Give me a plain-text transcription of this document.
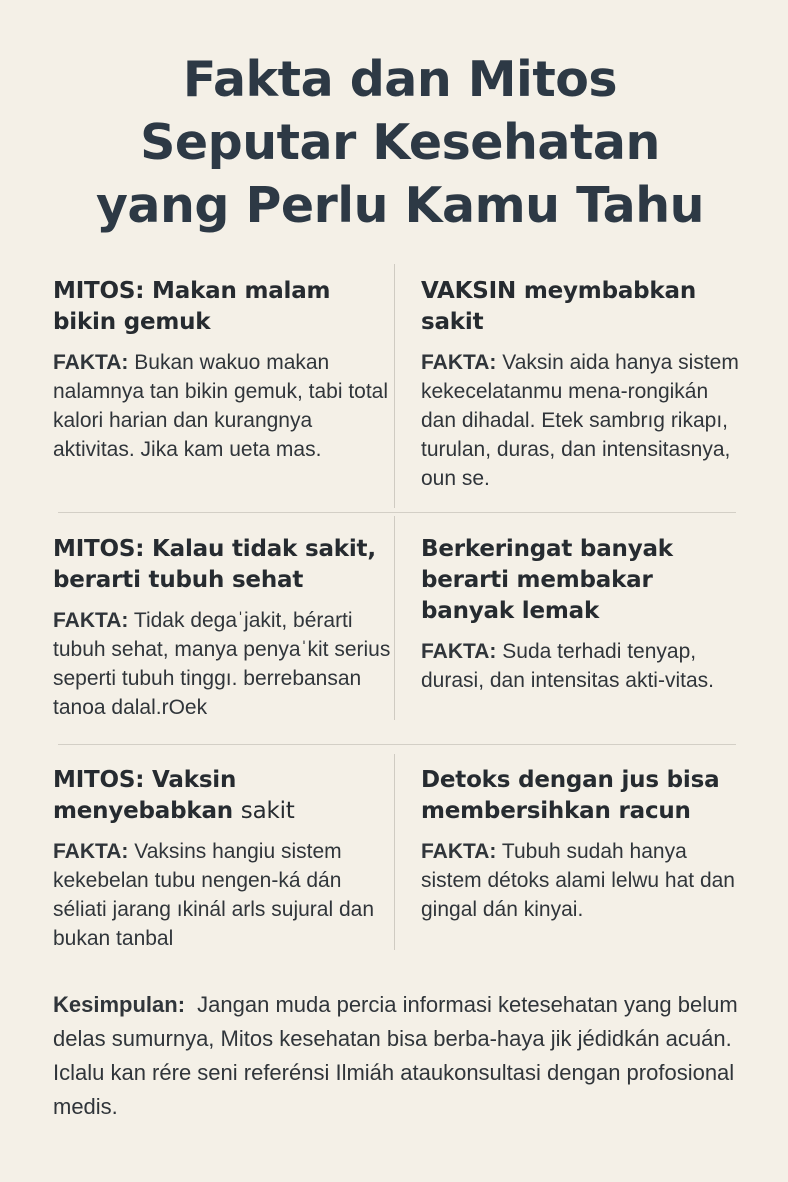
Fakta dan Mitos
Seputar Kesehatan
yang Perlu Kamu Tahu
MITOS: Makan malam bikin gemuk

FAKTA: Bukan wakuo makan nalamnya tan bikin gemuk, tabi total kalori harian dan kurangnya aktivitas. Jika kam ueta mas.

VAKSIN meymbabkan sakit

FAKTA: Vaksin aida hanya sistem kekecelatanmu mena-rongikán dan dihadal. Etek sambrıg rikapı, turulan, duras, dan intensitasnya, oun se.

MITOS: Kalau tidak sakit, berarti tubuh sehat

FAKTA: Tidak degaˈjakit, bérarti tubuh sehat, manya penyaˈkit serius seperti tubuh tinggı. berrebansan tanoa dalal.rOek

Berkeringat banyak berarti membakar banyak lemak

FAKTA: Suda terhadi tenyap, durasi, dan intensitas akti-vitas.

MITOS: Vaksin menyebabkan sakit

FAKTA: Vaksins hangiu sistem kekebelan tubu nengen-ká dán séliati jarang ıkinál arls sujural dan bukan tanbal

Detoks dengan jus bisa membersihkan racun

FAKTA: Tubuh sudah hanya sistem détoks alami lelwu hat dan gingal dán kinyai.

Kesimpulan: Jangan muda percia informasi ketesehatan yang belum delas sumurnya, Mitos kesehatan bisa berba-haya jik jédidkán acuán. Iclalu kan rére seni referénsi Ilmiáh ataukonsultasi dengan profosional medis.
